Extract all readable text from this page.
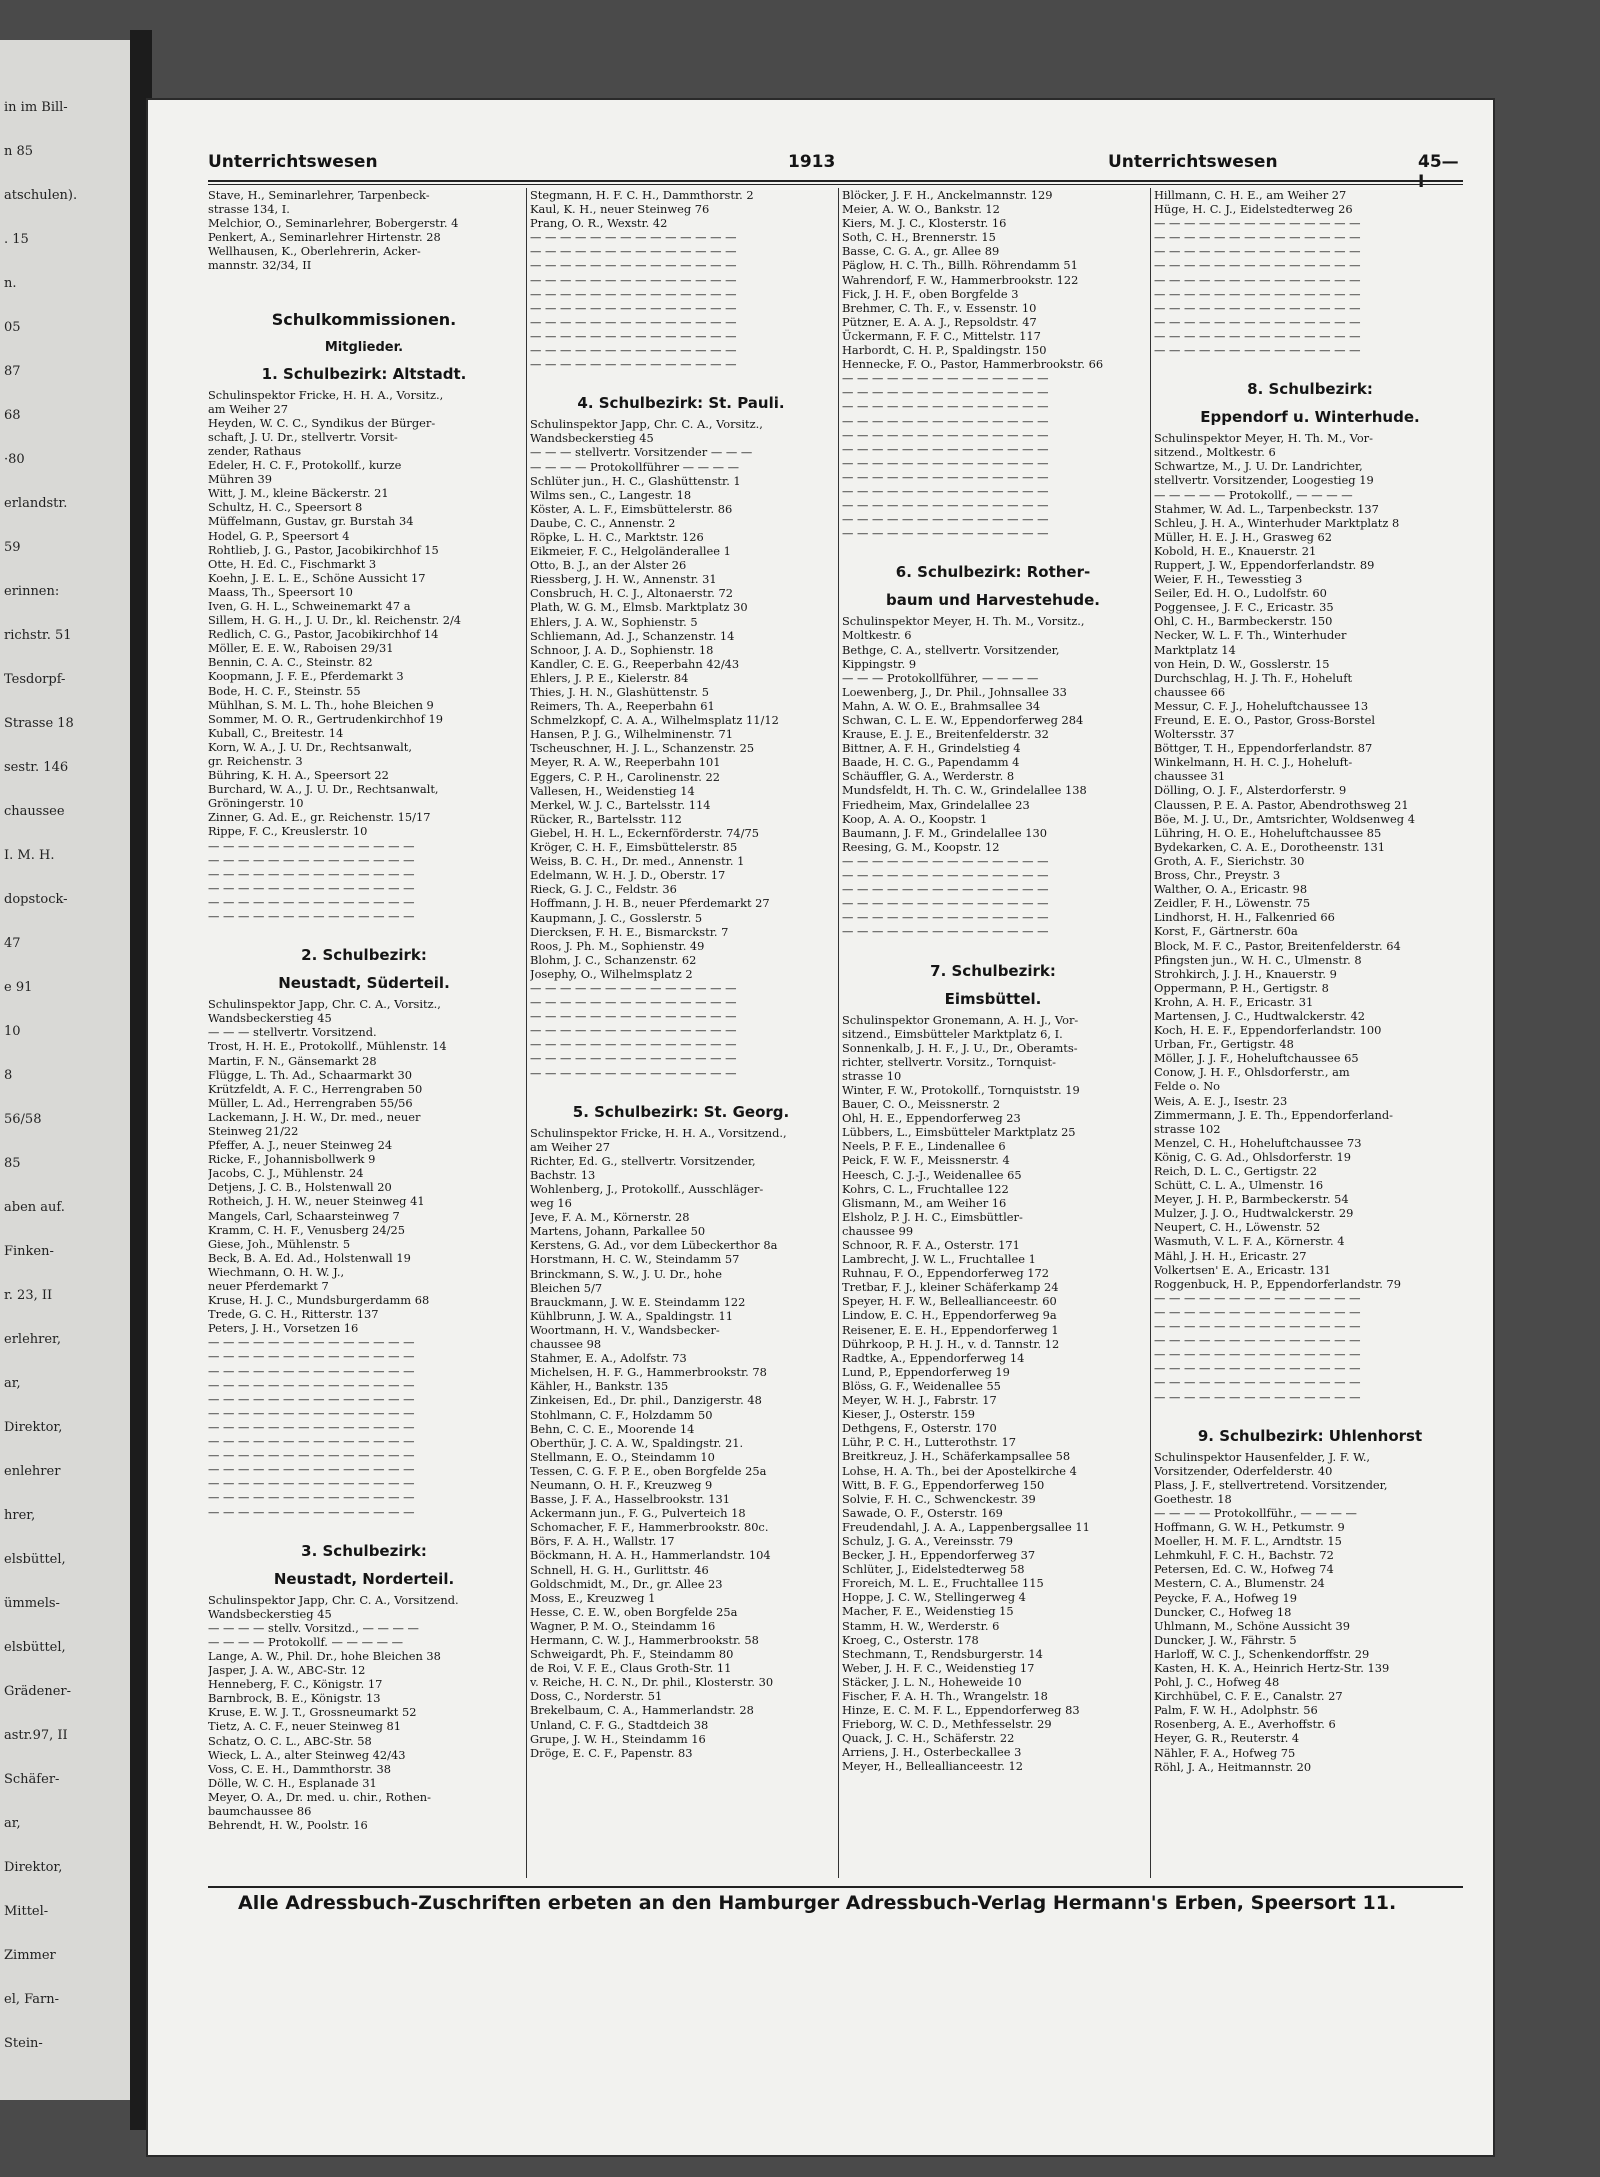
in im Bill-
n 85
atschulen).
. 15
n.
05
87
68
·80
erlandstr.
59
erinnen:
richstr. 51
Tesdorpf-
Strasse 18
sestr. 146
chaussee
I. M. H.
dopstock-
47
e 91
10
8
56/58
85
aben auf.
Finken-
r. 23, II
erlehrer,
ar,
Direktor,
enlehrer
hrer,
elsbüttel,
ümmels-
elsbüttel,
Grädener-
astr.97, II
Schäfer-
ar,
Direktor,
Mittel-
Zimmer
el, Farn-
Stein-
Unterrichtswesen	1913	Unterrichtswesen	45—I

Stave, H., Seminarlehrer, Tarpenbeck-

strasse 134, I.

Melchior, O., Seminarlehrer, Bobergerstr. 4

Penkert, A., Seminarlehrer Hirtenstr. 28

Wellhausen, K., Oberlehrerin, Acker-

mannstr. 32/34, II

Schulkommissionen.
Mitglieder.
1. Schulbezirk: Altstadt.

Schulinspektor Fricke, H. H. A., Vorsitz.,

am Weiher 27

Heyden, W. C. C., Syndikus der Bürger-

schaft, J. U. Dr., stellvertr. Vorsit-

zender, Rathaus

Edeler, H. C. F., Protokollf., kurze

Mühren 39

Witt, J. M., kleine Bäckerstr. 21

Schultz, H. C., Speersort 8

Müffelmann, Gustav, gr. Burstah 34

Hodel, G. P., Speersort 4

Rohtlieb, J. G., Pastor, Jacobikirchhof 15

Otte, H. Ed. C., Fischmarkt 3

Koehn, J. E. L. E., Schöne Aussicht 17

Maass, Th., Speersort 10

Iven, G. H. L., Schweinemarkt 47 a

Sillem, H. G. H., J. U. Dr., kl. Reichenstr. 2/4

Redlich, C. G., Pastor, Jacobikirchhof 14

Möller, E. E. W., Raboisen 29/31

Bennin, C. A. C., Steinstr. 82

Koopmann, J. F. E., Pferdemarkt 3

Bode, H. C. F., Steinstr. 55

Mühlhan, S. M. L. Th., hohe Bleichen 9

Sommer, M. O. R., Gertrudenkirchhof 19

Kuball, C., Breitestr. 14

Korn, W. A., J. U. Dr., Rechtsanwalt,

gr. Reichenstr. 3

Bühring, K. H. A., Speersort 22

Burchard, W. A., J. U. Dr., Rechtsanwalt,

Gröningerstr. 10

Zinner, G. Ad. E., gr. Reichenstr. 15/17

Rippe, F. C., Kreuslerstr. 10

— — — — — — — — — — — — — —

— — — — — — — — — — — — — —

— — — — — — — — — — — — — —

— — — — — — — — — — — — — —

— — — — — — — — — — — — — —

— — — — — — — — — — — — — —

2. Schulbezirk:
Neustadt, Süderteil.

Schulinspektor Japp, Chr. C. A., Vorsitz.,

Wandsbeckerstieg 45

— — — stellvertr. Vorsitzend.

Trost, H. H. E., Protokollf., Mühlenstr. 14

Martin, F. N., Gänsemarkt 28

Flügge, L. Th. Ad., Schaarmarkt 30

Krützfeldt, A. F. C., Herrengraben 50

Müller, L. Ad., Herrengraben 55/56

Lackemann, J. H. W., Dr. med., neuer

Steinweg 21/22

Pfeffer, A. J., neuer Steinweg 24

Ricke, F., Johannisbollwerk 9

Jacobs, C. J., Mühlenstr. 24

Detjens, J. C. B., Holstenwall 20

Rotheich, J. H. W., neuer Steinweg 41

Mangels, Carl, Schaarsteinweg 7

Kramm, C. H. F., Venusberg 24/25

Giese, Joh., Mühlenstr. 5

Beck, B. A. Ed. Ad., Holstenwall 19

Wiechmann, O. H. W. J.,

neuer Pferdemarkt 7

Kruse, H. J. C., Mundsburgerdamm 68

Trede, G. C. H., Ritterstr. 137

Peters, J. H., Vorsetzen 16

— — — — — — — — — — — — — —

— — — — — — — — — — — — — —

— — — — — — — — — — — — — —

— — — — — — — — — — — — — —

— — — — — — — — — — — — — —

— — — — — — — — — — — — — —

— — — — — — — — — — — — — —

— — — — — — — — — — — — — —

— — — — — — — — — — — — — —

— — — — — — — — — — — — — —

— — — — — — — — — — — — — —

— — — — — — — — — — — — — —

— — — — — — — — — — — — — —

3. Schulbezirk:
Neustadt, Norderteil.

Schulinspektor Japp, Chr. C. A., Vorsitzend.

Wandsbeckerstieg 45

— — — — stellv. Vorsitzd., — — — —

— — — — Protokollf. — — — — —

Lange, A. W., Phil. Dr., hohe Bleichen 38

Jasper, J. A. W., ABC-Str. 12

Henneberg, F. C., Königstr. 17

Barnbrock, B. E., Königstr. 13

Kruse, E. W. J. T., Grossneumarkt 52

Tietz, A. C. F., neuer Steinweg 81

Schatz, O. C. L., ABC-Str. 58

Wieck, L. A., alter Steinweg 42/43

Voss, C. E. H., Dammthorstr. 38

Dölle, W. C. H., Esplanade 31

Meyer, O. A., Dr. med. u. chir., Rothen-

baumchaussee 86

Behrendt, H. W., Poolstr. 16

Stegmann, H. F. C. H., Dammthorstr. 2

Kaul, K. H., neuer Steinweg 76

Prang, O. R., Wexstr. 42

— — — — — — — — — — — — — —

— — — — — — — — — — — — — —

— — — — — — — — — — — — — —

— — — — — — — — — — — — — —

— — — — — — — — — — — — — —

— — — — — — — — — — — — — —

— — — — — — — — — — — — — —

— — — — — — — — — — — — — —

— — — — — — — — — — — — — —

— — — — — — — — — — — — — —

4. Schulbezirk: St. Pauli.

Schulinspektor Japp, Chr. C. A., Vorsitz.,

Wandsbeckerstieg 45

— — — stellvertr. Vorsitzender — — —

— — — — Protokollführer — — — —

Schlüter jun., H. C., Glashüttenstr. 1

Wilms sen., C., Langestr. 18

Köster, A. L. F., Eimsbüttelerstr. 86

Daube, C. C., Annenstr. 2

Röpke, L. H. C., Marktstr. 126

Eikmeier, F. C., Helgoländerallee 1

Otto, B. J., an der Alster 26

Riessberg, J. H. W., Annenstr. 31

Consbruch, H. C. J., Altonaerstr. 72

Plath, W. G. M., Elmsb. Marktplatz 30

Ehlers, J. A. W., Sophienstr. 5

Schliemann, Ad. J., Schanzenstr. 14

Schnoor, J. A. D., Sophienstr. 18

Kandler, C. E. G., Reeperbahn 42/43

Ehlers, J. P. E., Kielerstr. 84

Thies, J. H. N., Glashüttenstr. 5

Reimers, Th. A., Reeperbahn 61

Schmelzkopf, C. A. A., Wilhelmsplatz 11/12

Hansen, P. J. G., Wilhelminenstr. 71

Tscheuschner, H. J. L., Schanzenstr. 25

Meyer, R. A. W., Reeperbahn 101

Eggers, C. P. H., Carolinenstr. 22

Vallesen, H., Weidenstieg 14

Merkel, W. J. C., Bartelsstr. 114

Rücker, R., Bartelsstr. 112

Giebel, H. H. L., Eckernförderstr. 74/75

Kröger, C. H. F., Eimsbüttelerstr. 85

Weiss, B. C. H., Dr. med., Annenstr. 1

Edelmann, W. H. J. D., Oberstr. 17

Rieck, G. J. C., Feldstr. 36

Hoffmann, J. H. B., neuer Pferdemarkt 27

Kaupmann, J. C., Gosslerstr. 5

Diercksen, F. H. E., Bismarckstr. 7

Roos, J. Ph. M., Sophienstr. 49

Blohm, J. C., Schanzenstr. 62

Josephy, O., Wilhelmsplatz 2

— — — — — — — — — — — — — —

— — — — — — — — — — — — — —

— — — — — — — — — — — — — —

— — — — — — — — — — — — — —

— — — — — — — — — — — — — —

— — — — — — — — — — — — — —

— — — — — — — — — — — — — —

5. Schulbezirk: St. Georg.

Schulinspektor Fricke, H. H. A., Vorsitzend.,

am Weiher 27

Richter, Ed. G., stellvertr. Vorsitzender,

Bachstr. 13

Wohlenberg, J., Protokollf., Ausschläger-

weg 16

Jeve, F. A. M., Körnerstr. 28

Martens, Johann, Parkallee 50

Kerstens, G. Ad., vor dem Lübeckerthor 8a

Horstmann, H. C. W., Steindamm 57

Brinckmann, S. W., J. U. Dr., hohe

Bleichen 5/7

Brauckmann, J. W. E. Steindamm 122

Kühlbrunn, J. W. A., Spaldingstr. 11

Woortmann, H. V., Wandsbecker-

chaussee 98

Stahmer, E. A., Adolfstr. 73

Michelsen, H. F. G., Hammerbrookstr. 78

Kähler, H., Bankstr. 135

Zinkeisen, Ed., Dr. phil., Danzigerstr. 48

Stohlmann, C. F., Holzdamm 50

Behn, C. C. E., Moorende 14

Oberthür, J. C. A. W., Spaldingstr. 21.

Stellmann, E. O., Steindamm 10

Tessen, C. G. F. P. E., oben Borgfelde 25a

Neumann, O. H. F., Kreuzweg 9

Basse, J. F. A., Hasselbrookstr. 131

Ackermann jun., F. G., Pulverteich 18

Schomacher, F. F., Hammerbrookstr. 80c.

Börs, F. A. H., Wallstr. 17

Böckmann, H. A. H., Hammerlandstr. 104

Schnell, H. G. H., Gurlittstr. 46

Goldschmidt, M., Dr., gr. Allee 23

Moss, E., Kreuzweg 1

Hesse, C. E. W., oben Borgfelde 25a

Wagner, P. M. O., Steindamm 16

Hermann, C. W. J., Hammerbrookstr. 58

Schweigardt, Ph. F., Steindamm 80

de Roi, V. F. E., Claus Groth-Str. 11

v. Reiche, H. C. N., Dr. phil., Klosterstr. 30

Doss, C., Norderstr. 51

Brekelbaum, C. A., Hammerlandstr. 28

Unland, C. F. G., Stadtdeich 38

Grupe, J. W. H., Steindamm 16

Dröge, E. C. F., Papenstr. 83

Blöcker, J. F. H., Anckelmannstr. 129

Meier, A. W. O., Bankstr. 12

Kiers, M. J. C., Klosterstr. 16

Soth, C. H., Brennerstr. 15

Basse, C. G. A., gr. Allee 89

Päglow, H. C. Th., Billh. Röhrendamm 51

Wahrendorf, F. W., Hammerbrookstr. 122

Fick, J. H. F., oben Borgfelde 3

Brehmer, C. Th. F., v. Essenstr. 10

Pützner, E. A. A. J., Repsoldstr. 47

Ückermann, F. F. C., Mittelstr. 117

Harbordt, C. H. P., Spaldingstr. 150

Hennecke, F. O., Pastor, Hammerbrookstr. 66

— — — — — — — — — — — — — —

— — — — — — — — — — — — — —

— — — — — — — — — — — — — —

— — — — — — — — — — — — — —

— — — — — — — — — — — — — —

— — — — — — — — — — — — — —

— — — — — — — — — — — — — —

— — — — — — — — — — — — — —

— — — — — — — — — — — — — —

— — — — — — — — — — — — — —

— — — — — — — — — — — — — —

— — — — — — — — — — — — — —

6. Schulbezirk: Rother-
baum und Harvestehude.

Schulinspektor Meyer, H. Th. M., Vorsitz.,

Moltkestr. 6

Bethge, C. A., stellvertr. Vorsitzender,

Kippingstr. 9

— — — Protokollführer, — — — —

Loewenberg, J., Dr. Phil., Johnsallee 33

Mahn, A. W. O. E., Brahmsallee 34

Schwan, C. L. E. W., Eppendorferweg 284

Krause, E. J. E., Breitenfelderstr. 32

Bittner, A. F. H., Grindelstieg 4

Baade, H. C. G., Papendamm 4

Schäuffler, G. A., Werderstr. 8

Mundsfeldt, H. Th. C. W., Grindelallee 138

Friedheim, Max, Grindelallee 23

Koop, A. A. O., Koopstr. 1

Baumann, J. F. M., Grindelallee 130

Reesing, G. M., Koopstr. 12

— — — — — — — — — — — — — —

— — — — — — — — — — — — — —

— — — — — — — — — — — — — —

— — — — — — — — — — — — — —

— — — — — — — — — — — — — —

— — — — — — — — — — — — — —

7. Schulbezirk:
Eimsbüttel.

Schulinspektor Gronemann, A. H. J., Vor-

sitzend., Eimsbütteler Marktplatz 6, I.

Sonnenkalb, J. H. F., J. U., Dr., Oberamts-

richter, stellvertr. Vorsitz., Tornquist-

strasse 10

Winter, F. W., Protokollf., Tornquiststr. 19

Bauer, C. O., Meissnerstr. 2

Ohl, H. E., Eppendorferweg 23

Lübbers, L., Eimsbütteler Marktplatz 25

Neels, P. F. E., Lindenallee 6

Peick, F. W. F., Meissnerstr. 4

Heesch, C. J.-J., Weidenallee 65

Kohrs, C. L., Fruchtallee 122

Glismann, M., am Weiher 16

Elsholz, P. J. H. C., Eimsbüttler-

chaussee 99

Schnoor, R. F. A., Osterstr. 171

Lambrecht, J. W. L., Fruchtallee 1

Ruhnau, F. O., Eppendorferweg 172

Tretbar, F. J., kleiner Schäferkamp 24

Speyer, H. F. W., Belleallianceestr. 60

Lindow, E. C. H., Eppendorferweg 9a

Reisener, E. E. H., Eppendorferweg 1

Dührkoop, P. H. J. H., v. d. Tannstr. 12

Radtke, A., Eppendorferweg 14

Lund, P., Eppendorferweg 19

Blöss, G. F., Weidenallee 55

Meyer, W. H. J., Fabrstr. 17

Kieser, J., Osterstr. 159

Dethgens, F., Osterstr. 170

Lühr, P. C. H., Lutterothstr. 17

Breitkreuz, J. H., Schäferkampsallee 58

Lohse, H. A. Th., bei der Apostelkirche 4

Witt, B. F. G., Eppendorferweg 150

Solvie, F. H. C., Schwenckestr. 39

Sawade, O. F., Osterstr. 169

Freudendahl, J. A. A., Lappenbergsallee 11

Schulz, J. G. A., Vereinsstr. 79

Becker, J. H., Eppendorferweg 37

Schlüter, J., Eidelstedterweg 58

Froreich, M. L. E., Fruchtallee 115

Hoppe, J. C. W., Stellingerweg 4

Macher, F. E., Weidenstieg 15

Stamm, H. W., Werderstr. 6

Kroeg, C., Osterstr. 178

Stechmann, T., Rendsburgerstr. 14

Weber, J. H. F. C., Weidenstieg 17

Stäcker, J. L. N., Hoheweide 10

Fischer, F. A. H. Th., Wrangelstr. 18

Hinze, E. C. M. F. L., Eppendorferweg 83

Frieborg, W. C. D., Methfesselstr. 29

Quack, J. C. H., Schäferstr. 22

Arriens, J. H., Osterbeckallee 3

Meyer, H., Belleallianceestr. 12

Hillmann, C. H. E., am Weiher 27

Hüge, H. C. J., Eidelstedterweg 26

— — — — — — — — — — — — — —

— — — — — — — — — — — — — —

— — — — — — — — — — — — — —

— — — — — — — — — — — — — —

— — — — — — — — — — — — — —

— — — — — — — — — — — — — —

— — — — — — — — — — — — — —

— — — — — — — — — — — — — —

— — — — — — — — — — — — — —

— — — — — — — — — — — — — —

8. Schulbezirk:
Eppendorf u. Winterhude.

Schulinspektor Meyer, H. Th. M., Vor-

sitzend., Moltkestr. 6

Schwartze, M., J. U. Dr. Landrichter,

stellvertr. Vorsitzender, Loogestieg 19

— — — — — Protokollf., — — — —

Stahmer, W. Ad. L., Tarpenbeckstr. 137

Schleu, J. H. A., Winterhuder Marktplatz 8

Müller, H. E. J. H., Grasweg 62

Kobold, H. E., Knauerstr. 21

Ruppert, J. W., Eppendorferlandstr. 89

Weier, F. H., Tewesstieg 3

Seiler, Ed. H. O., Ludolfstr. 60

Poggensee, J. F. C., Ericastr. 35

Ohl, C. H., Barmbeckerstr. 150

Necker, W. L. F. Th., Winterhuder

Marktplatz 14

von Hein, D. W., Gosslerstr. 15

Durchschlag, H. J. Th. F., Hoheluft

chaussee 66

Messur, C. F. J., Hoheluftchaussee 13

Freund, E. E. O., Pastor, Gross-Borstel

Woltersstr. 37

Böttger, T. H., Eppendorferlandstr. 87

Winkelmann, H. H. C. J., Hoheluft-

chaussee 31

Dölling, O. J. F., Alsterdorferstr. 9

Claussen, P. E. A. Pastor, Abendrothsweg 21

Böe, M. J. U., Dr., Amtsrichter, Woldsenweg 4

Lühring, H. O. E., Hoheluftchaussee 85

Bydekarken, C. A. E., Dorotheenstr. 131

Groth, A. F., Sierichstr. 30

Bross, Chr., Preystr. 3

Walther, O. A., Ericastr. 98

Zeidler, F. H., Löwenstr. 75

Lindhorst, H. H., Falkenried 66

Korst, F., Gärtnerstr. 60a

Block, M. F. C., Pastor, Breitenfelderstr. 64

Pfingsten jun., W. H. C., Ulmenstr. 8

Strohkirch, J. J. H., Knauerstr. 9

Oppermann, P. H., Gertigstr. 8

Krohn, A. H. F., Ericastr. 31

Martensen, J. C., Hudtwalckerstr. 42

Koch, H. E. F., Eppendorferlandstr. 100

Urban, Fr., Gertigstr. 48

Möller, J. J. F., Hoheluftchaussee 65

Conow, J. H. F., Ohlsdorferstr., am

Felde o. No

Weis, A. E. J., Isestr. 23

Zimmermann, J. E. Th., Eppendorferland-

strasse 102

Menzel, C. H., Hoheluftchaussee 73

König, C. G. Ad., Ohlsdorferstr. 19

Reich, D. L. C., Gertigstr. 22

Schütt, C. L. A., Ulmenstr. 16

Meyer, J. H. P., Barmbeckerstr. 54

Mulzer, J. J. O., Hudtwalckerstr. 29

Neupert, C. H., Löwenstr. 52

Wasmuth, V. L. F. A., Körnerstr. 4

Mähl, J. H. H., Ericastr. 27

Volkertsen' E. A., Ericastr. 131

Roggenbuck, H. P., Eppendorferlandstr. 79

— — — — — — — — — — — — — —

— — — — — — — — — — — — — —

— — — — — — — — — — — — — —

— — — — — — — — — — — — — —

— — — — — — — — — — — — — —

— — — — — — — — — — — — — —

— — — — — — — — — — — — — —

— — — — — — — — — — — — — —

9. Schulbezirk: Uhlenhorst

Schulinspektor Hausenfelder, J. F. W.,

Vorsitzender, Oderfelderstr. 40

Plass, J. F., stellvertretend. Vorsitzender,

Goethestr. 18

— — — — Protokollführ., — — — —

Hoffmann, G. W. H., Petkumstr. 9

Moeller, H. M. F. L., Arndtstr. 15

Lehmkuhl, F. C. H., Bachstr. 72

Petersen, Ed. C. W., Hofweg 74

Mestern, C. A., Blumenstr. 24

Peycke, F. A., Hofweg 19

Duncker, C., Hofweg 18

Uhlmann, M., Schöne Aussicht 39

Duncker, J. W., Fährstr. 5

Harloff, W. C. J., Schenkendorffstr. 29

Kasten, H. K. A., Heinrich Hertz-Str. 139

Pohl, J. C., Hofweg 48

Kirchhübel, C. F. E., Canalstr. 27

Palm, F. W. H., Adolphstr. 56

Rosenberg, A. E., Averhoffstr. 6

Heyer, G. R., Reuterstr. 4

Nähler, F. A., Hofweg 75

Röhl, J. A., Heitmannstr. 20

Alle Adressbuch-Zuschriften erbeten an den Hamburger Adressbuch-Verlag Hermann's Erben, Speersort 11.
